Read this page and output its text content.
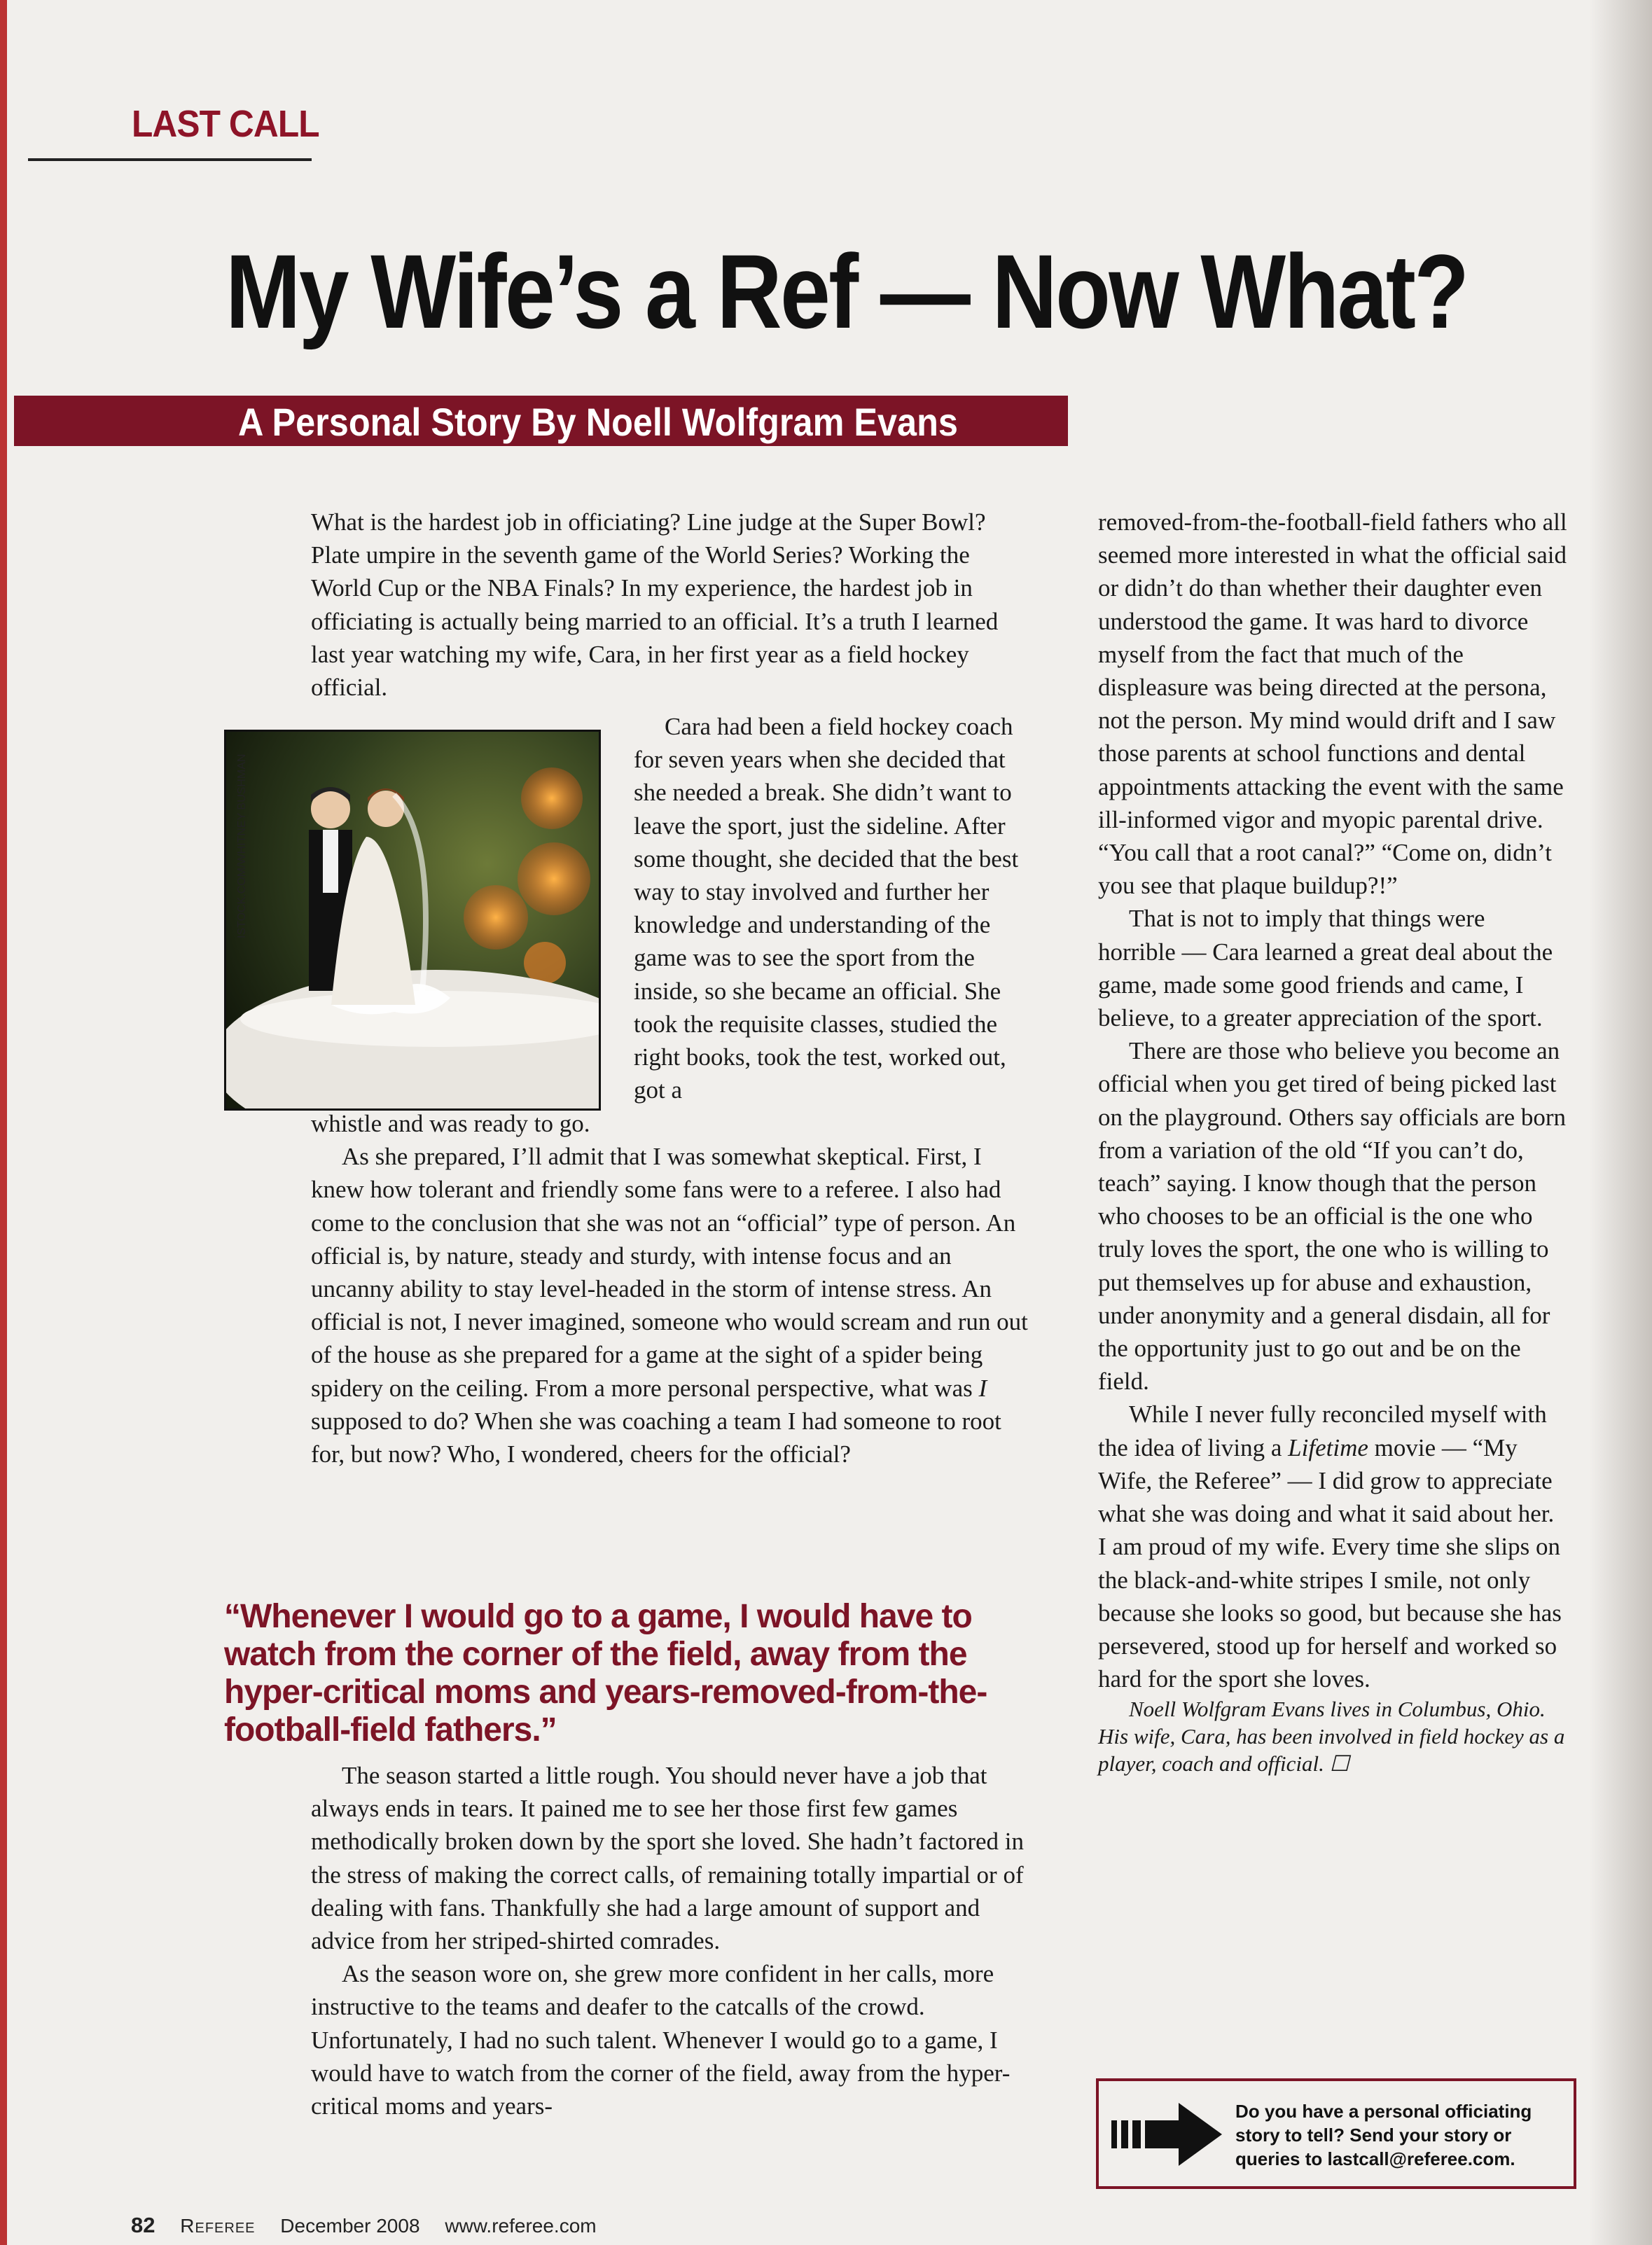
LAST CALL
My Wife’s a Ref — Now What?
A Personal Story By Noell Wolfgram Evans

What is the hardest job in officiating? Line judge at the Super Bowl? Plate umpire in the seventh game of the World Series? Working the World Cup or the NBA Finals? In my experience, the hardest job in officiating is actually being married to an official. It’s a truth I learned last year watching my wife, Cara, in her first year as a field hockey official.

ISTOCK.COM/WHITNEY BUSHMAN

Cara had been a field hockey coach for seven years when she decided that she needed a break. She didn’t want to leave the sport, just the sideline. After some thought, she decided that the best way to stay involved and further her knowledge and understanding of the game was to see the sport from the inside, so she became an official. She took the requisite classes, studied the right books, took the test, worked out, got a

whistle and was ready to go.

As she prepared, I’ll admit that I was somewhat skeptical. First, I knew how tolerant and friendly some fans were to a referee. I also had come to the conclusion that she was not an “official” type of person. An official is, by nature, steady and sturdy, with intense focus and an uncanny ability to stay level-headed in the storm of intense stress. An official is not, I never imagined, someone who would scream and run out of the house as she prepared for a game at the sight of a spider being spidery on the ceiling. From a more personal perspective, what was I supposed to do? When she was coaching a team I had someone to root for, but now? Who, I wondered, cheers for the official?

“Whenever I would go to a game, I would have to watch from the corner of the field, away from the hyper-critical moms and years-removed-from-the-football-field fathers.”

The season started a little rough. You should never have a job that always ends in tears. It pained me to see her those first few games methodically broken down by the sport she loved. She hadn’t factored in the stress of making the correct calls, of remaining totally impartial or of dealing with fans. Thankfully she had a large amount of support and advice from her striped-shirted comrades.

As the season wore on, she grew more confident in her calls, more instructive to the teams and deafer to the catcalls of the crowd. Unfortunately, I had no such talent. Whenever I would go to a game, I would have to watch from the corner of the field, away from the hyper-critical moms and years-

removed-from-the-football-field fathers who all seemed more interested in what the official said or didn’t do than whether their daughter even understood the game. It was hard to divorce myself from the fact that much of the displeasure was being directed at the persona, not the person. My mind would drift and I saw those parents at school functions and dental appointments attacking the event with the same ill-informed vigor and myopic parental drive. “You call that a root canal?” “Come on, didn’t you see that plaque buildup?!”

That is not to imply that things were horrible — Cara learned a great deal about the game, made some good friends and came, I believe, to a greater appreciation of the sport.

There are those who believe you become an official when you get tired of being picked last on the playground. Others say officials are born from a variation of the old “If you can’t do, teach” saying. I know though that the person who chooses to be an official is the one who truly loves the sport, the one who is willing to put themselves up for abuse and exhaustion, under anonymity and a general disdain, all for the opportunity just to go out and be on the field.

While I never fully reconciled myself with the idea of living a Lifetime movie — “My Wife, the Referee” — I did grow to appreciate what she was doing and what it said about her. I am proud of my wife. Every time she slips on the black-and-white stripes I smile, not only because she looks so good, but because she has persevered, stood up for herself and worked so hard for the sport she loves.

Noell Wolfgram Evans lives in Columbus, Ohio. His wife, Cara, has been involved in field hockey as a player, coach and official. ☐

Do you have a personal officiating story to tell? Send your story or queries to lastcall@referee.com.
82 Referee December 2008 www.referee.com
